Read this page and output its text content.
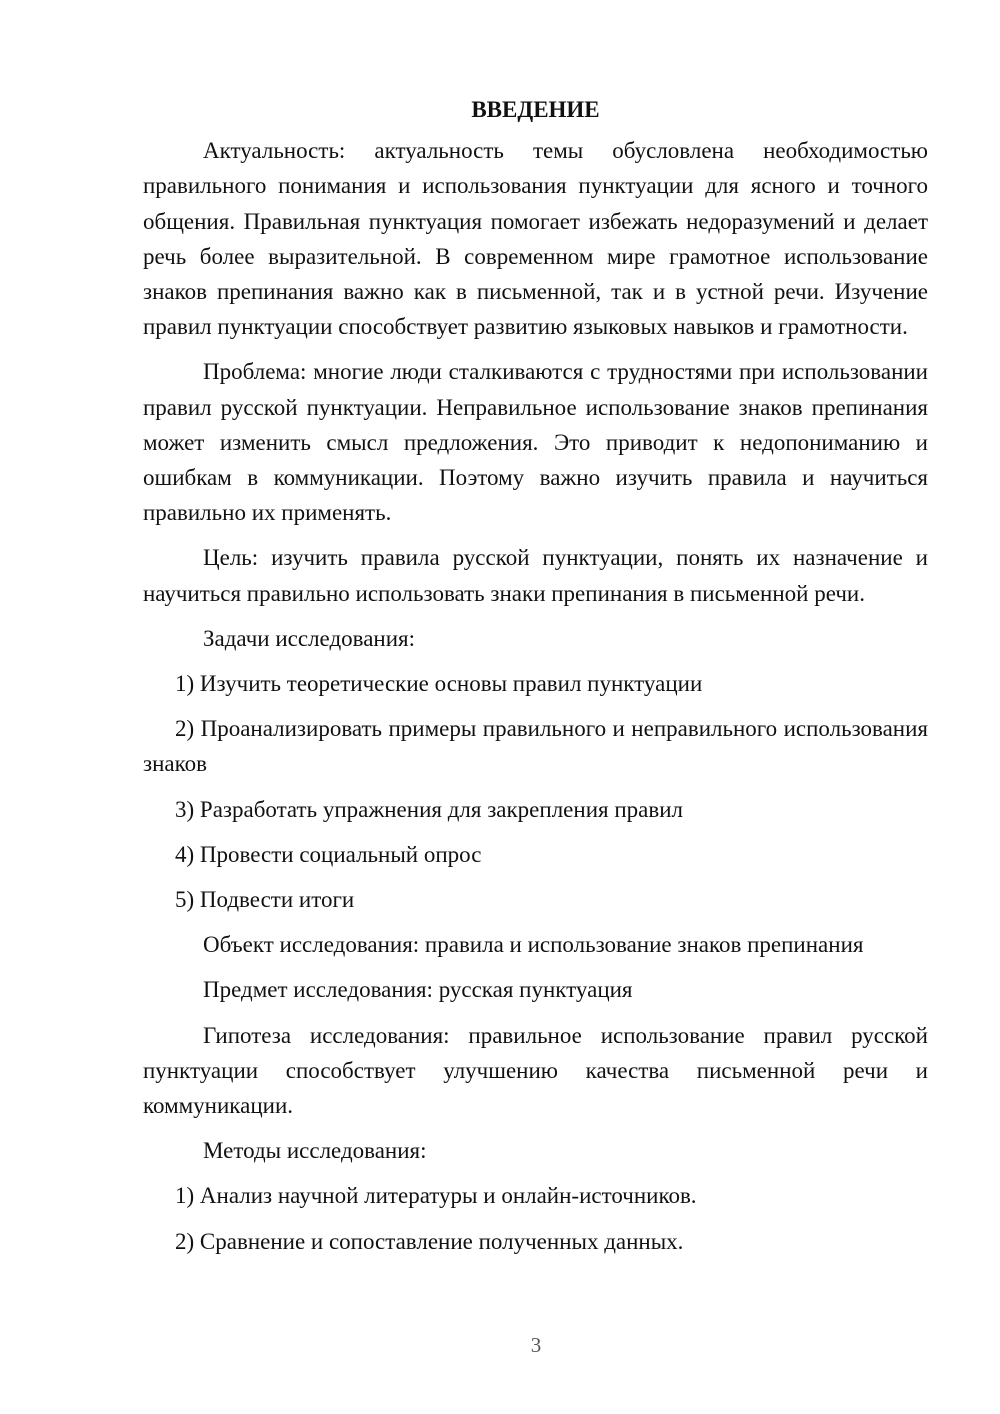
ВВЕДЕНИЕ

Актуальность: актуальность темы обусловлена необходимостью правильного понимания и использования пунктуации для ясного и точного общения. Правильная пунктуация помогает избежать недоразумений и делает речь более выразительной. В современном мире грамотное использование знаков препинания важно как в письменной, так и в устной речи. Изучение правил пунктуации способствует развитию языковых навыков и грамотности.

Проблема: многие люди сталкиваются с трудностями при использовании правил русской пунктуации. Неправильное использование знаков препинания может изменить смысл предложения. Это приводит к недопониманию и ошибкам в коммуникации. Поэтому важно изучить правила и научиться правильно их применять.

Цель: изучить правила русской пунктуации, понять их назначение и научиться правильно использовать знаки препинания в письменной речи.

Задачи исследования:

1) Изучить теоретические основы правил пунктуации

2) Проанализировать примеры правильного и неправильного использования знаков

3) Разработать упражнения для закрепления правил

4) Провести социальный опрос

5) Подвести итоги

Объект исследования: правила и использование знаков препинания

Предмет исследования: русская пунктуация

Гипотеза исследования: правильное использование правил русской пунктуации способствует улучшению качества письменной речи и коммуникации.

Методы исследования:

1) Анализ научной литературы и онлайн-источников.

2) Сравнение и сопоставление полученных данных.

3
